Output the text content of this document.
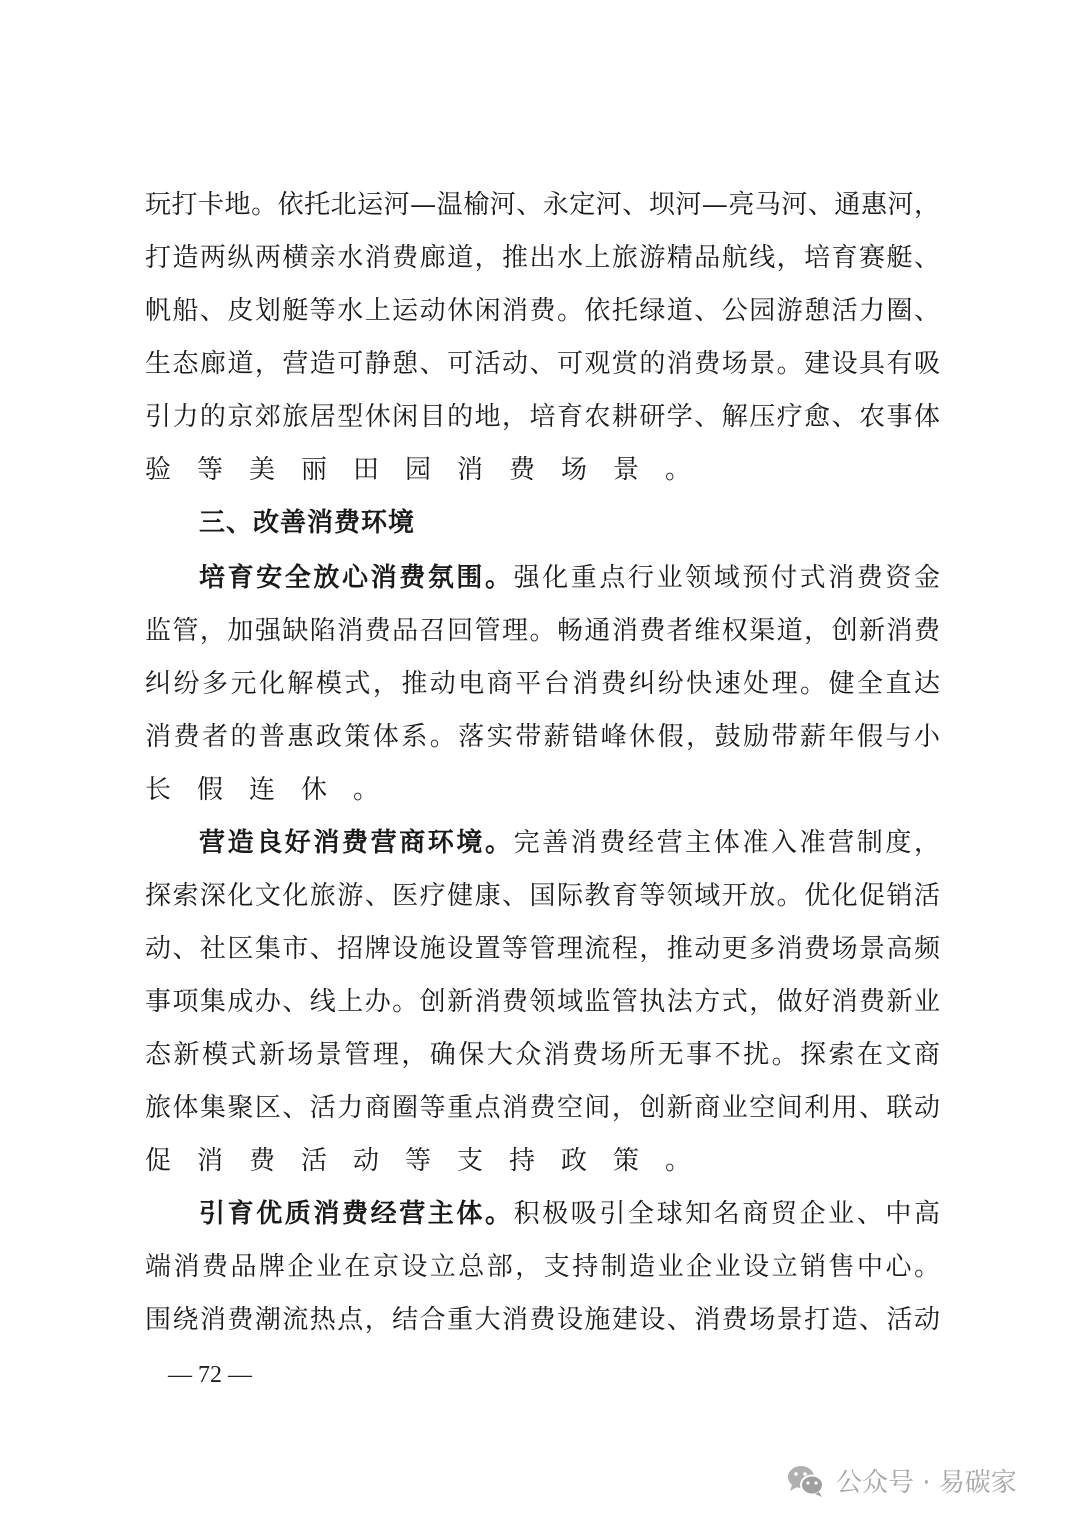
玩打卡地。依托北运河—温榆河、永定河、坝河—亮马河、通惠河，
打造两纵两横亲水消费廊道，推出水上旅游精品航线，培育赛艇、
帆船、皮划艇等水上运动休闲消费。依托绿道、公园游憩活力圈、
生态廊道，营造可静憩、可活动、可观赏的消费场景。建设具有吸
引力的京郊旅居型休闲目的地，培育农耕研学、解压疗愈、农事体
验等美丽田园消费场景。
三、改善消费环境
培育安全放心消费氛围。强化重点行业领域预付式消费资金
监管，加强缺陷消费品召回管理。畅通消费者维权渠道，创新消费
纠纷多元化解模式，推动电商平台消费纠纷快速处理。健全直达
消费者的普惠政策体系。落实带薪错峰休假，鼓励带薪年假与小
长假连休。
营造良好消费营商环境。完善消费经营主体准入准营制度，
探索深化文化旅游、医疗健康、国际教育等领域开放。优化促销活
动、社区集市、招牌设施设置等管理流程，推动更多消费场景高频
事项集成办、线上办。创新消费领域监管执法方式，做好消费新业
态新模式新场景管理，确保大众消费场所无事不扰。探索在文商
旅体集聚区、活力商圈等重点消费空间，创新商业空间利用、联动
促消费活动等支持政策。
引育优质消费经营主体。积极吸引全球知名商贸企业、中高
端消费品牌企业在京设立总部，支持制造业企业设立销售中心。
围绕消费潮流热点，结合重大消费设施建设、消费场景打造、活动
— 72 —
公众号 · 易碳家
